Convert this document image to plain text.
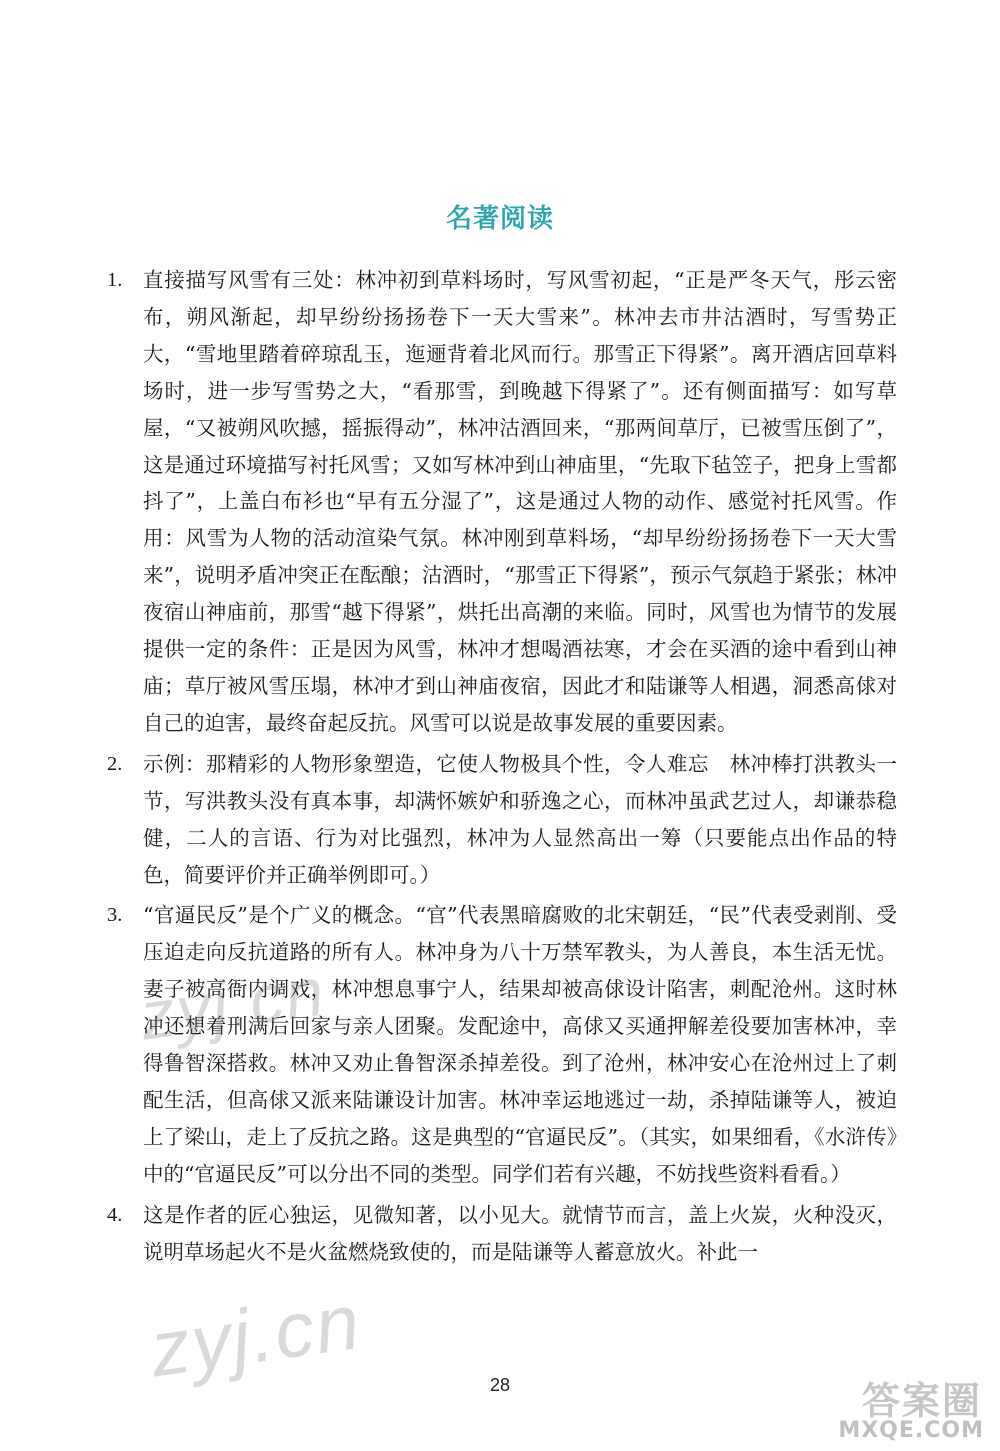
名著阅读
1. 直接描写风雪有三处：林冲初到草料场时，写风雪初起，“正是严冬天气，彤云密布，朔风渐起，却早纷纷扬扬卷下一天大雪来”。林冲去市井沽酒时，写雪势正大，“雪地里踏着碎琼乱玉，迤逦背着北风而行。那雪正下得紧”。离开酒店回草料场时，进一步写雪势之大，“看那雪，到晚越下得紧了”。还有侧面描写：如写草屋，“又被朔风吹撼，摇振得动”，林冲沽酒回来，“那两间草厅，已被雪压倒了”，这是通过环境描写衬托风雪；又如写林冲到山神庙里，“先取下毡笠子，把身上雪都抖了”，上盖白布衫也“早有五分湿了”，这是通过人物的动作、感觉衬托风雪。作用：风雪为人物的活动渲染气氛。林冲刚到草料场，“却早纷纷扬扬卷下一天大雪来”，说明矛盾冲突正在酝酿；沽酒时，“那雪正下得紧”，预示气氛趋于紧张；林冲夜宿山神庙前，那雪“越下得紧”，烘托出高潮的来临。同时，风雪也为情节的发展提供一定的条件：正是因为风雪，林冲才想喝酒祛寒，才会在买酒的途中看到山神庙；草厅被风雪压塌，林冲才到山神庙夜宿，因此才和陆谦等人相遇，洞悉高俅对自己的迫害，最终奋起反抗。风雪可以说是故事发展的重要因素。
2. 示例：那精彩的人物形象塑造，它使人物极具个性，令人难忘　林冲棒打洪教头一节，写洪教头没有真本事，却满怀嫉妒和骄逸之心，而林冲虽武艺过人，却谦恭稳健，二人的言语、行为对比强烈，林冲为人显然高出一筹（只要能点出作品的特色，简要评价并正确举例即可。）
3. “官逼民反”是个广义的概念。“官”代表黑暗腐败的北宋朝廷，“民”代表受剥削、受压迫走向反抗道路的所有人。林冲身为八十万禁军教头，为人善良，本生活无忧。妻子被高衙内调戏，林冲想息事宁人，结果却被高俅设计陷害，刺配沧州。这时林冲还想着刑满后回家与亲人团聚。发配途中，高俅又买通押解差役要加害林冲，幸得鲁智深搭救。林冲又劝止鲁智深杀掉差役。到了沧州，林冲安心在沧州过上了刺配生活，但高俅又派来陆谦设计加害。林冲幸运地逃过一劫，杀掉陆谦等人，被迫上了梁山，走上了反抗之路。这是典型的“官逼民反”。（其实，如果细看，《水浒传》中的“官逼民反”可以分出不同的类型。同学们若有兴趣，不妨找些资料看看。）
4. 这是作者的匠心独运，见微知著，以小见大。就情节而言，盖上火炭，火种没灭，说明草场起火不是火盆燃烧致使的，而是陆谦等人蓄意放火。补此一
zyj.cn
zyj.cn	28	答案圈
MXQE.COM
